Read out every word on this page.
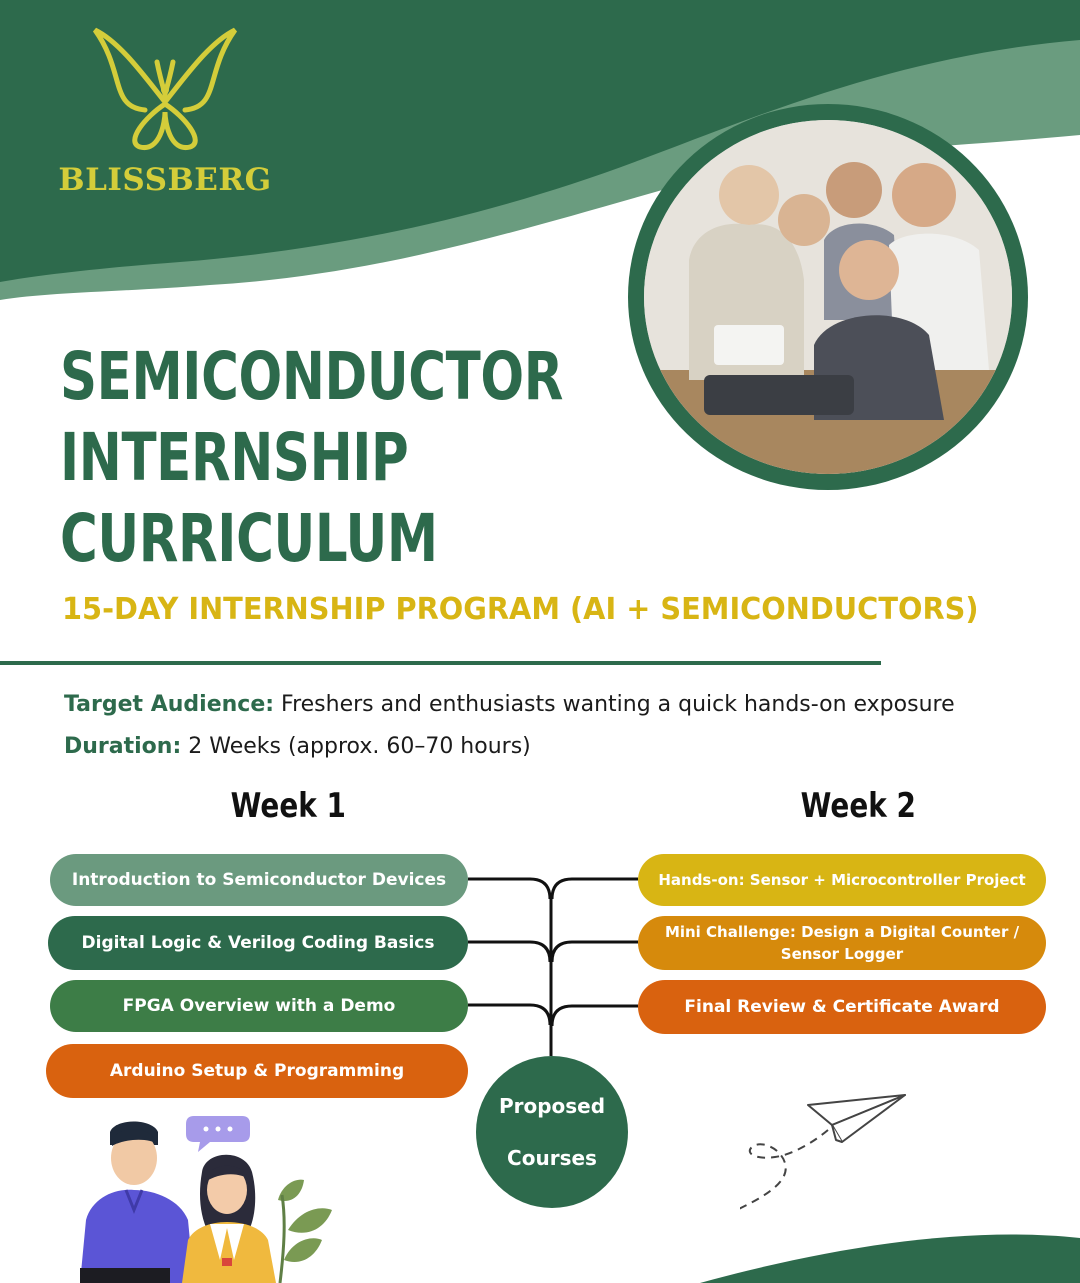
BLISSBERG
SEMICONDUCTOR
INTERNSHIP
CURRICULUM
15-DAY INTERNSHIP PROGRAM (AI + SEMICONDUCTORS)
Target Audience: Freshers and enthusiasts wanting a quick hands-on exposure
Duration: 2 Weeks (approx. 60–70 hours)
Week 1	Week 2
Introduction to Semiconductor Devices
Digital Logic & Verilog Coding Basics
FPGA Overview with a Demo
Arduino Setup & Programming
Hands-on: Sensor + Microcontroller Project
Mini Challenge: Design a Digital Counter / Sensor Logger
Final Review & Certificate Award
Proposed
Courses
